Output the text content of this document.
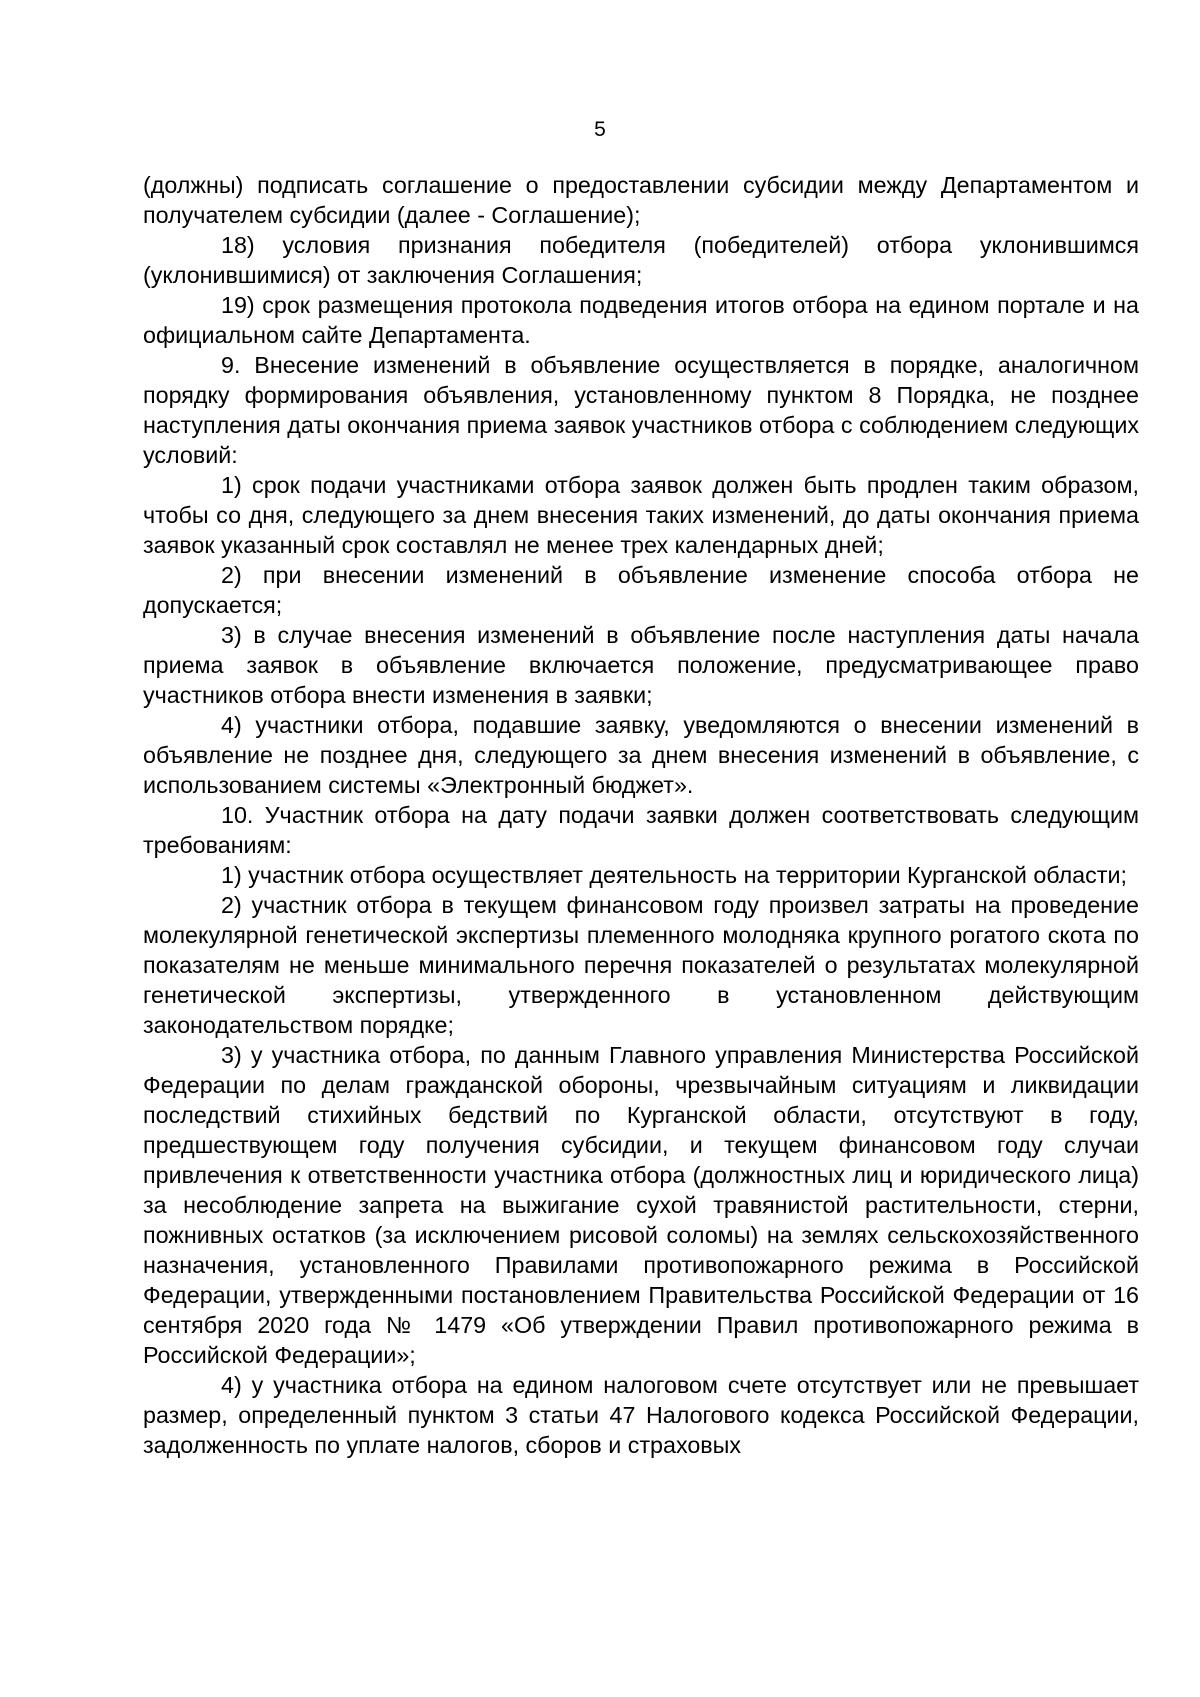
5

(должны) подписать соглашение о предоставлении субсидии между Департаментом и получателем субсидии (далее - Соглашение);

18) условия признания победителя (победителей) отбора уклонившимся (уклонившимися) от заключения Соглашения;

19) срок размещения протокола подведения итогов отбора на едином портале и на официальном сайте Департамента.

9. Внесение изменений в объявление осуществляется в порядке, аналогичном порядку формирования объявления, установленному пунктом 8 Порядка, не позднее наступления даты окончания приема заявок участников отбора с соблюдением следующих условий:

1) срок подачи участниками отбора заявок должен быть продлен таким образом, чтобы со дня, следующего за днем внесения таких изменений, до даты окончания приема заявок указанный срок составлял не менее трех календарных дней;

2) при внесении изменений в объявление изменение способа отбора не допускается;

3) в случае внесения изменений в объявление после наступления даты начала приема заявок в объявление включается положение, предусматривающее право участников отбора внести изменения в заявки;

4) участники отбора, подавшие заявку, уведомляются о внесении изменений в объявление не позднее дня, следующего за днем внесения изменений в объявление, с использованием системы «Электронный бюджет».

10. Участник отбора на дату подачи заявки должен соответствовать следующим требованиям:

1) участник отбора осуществляет деятельность на территории Курганской области;

2) участник отбора в текущем финансовом году произвел затраты на проведение молекулярной генетической экспертизы племенного молодняка крупного рогатого скота по показателям не меньше минимального перечня показателей о результатах молекулярной генетической экспертизы, утвержденного в установленном действующим законодательством порядке;

3) у участника отбора, по данным Главного управления Министерства Российской Федерации по делам гражданской обороны, чрезвычайным ситуациям и ликвидации последствий стихийных бедствий по Курганской области, отсутствуют в году, предшествующем году получения субсидии, и текущем финансовом году случаи привлечения к ответственности участника отбора (должностных лиц и юридического лица) за несоблюдение запрета на выжигание сухой травянистой растительности, стерни, пожнивных остатков (за исключением рисовой соломы) на землях сельскохозяйственного назначения, установленного Правилами противопожарного режима в Российской Федерации, утвержденными постановлением Правительства Российской Федерации от 16 сентября 2020 года № 1479 «Об утверждении Правил противопожарного режима в Российской Федерации»;

4) у участника отбора на едином налоговом счете отсутствует или не превышает размер, определенный пунктом 3 статьи 47 Налогового кодекса Российской Федерации, задолженность по уплате налогов, сборов и страховых
